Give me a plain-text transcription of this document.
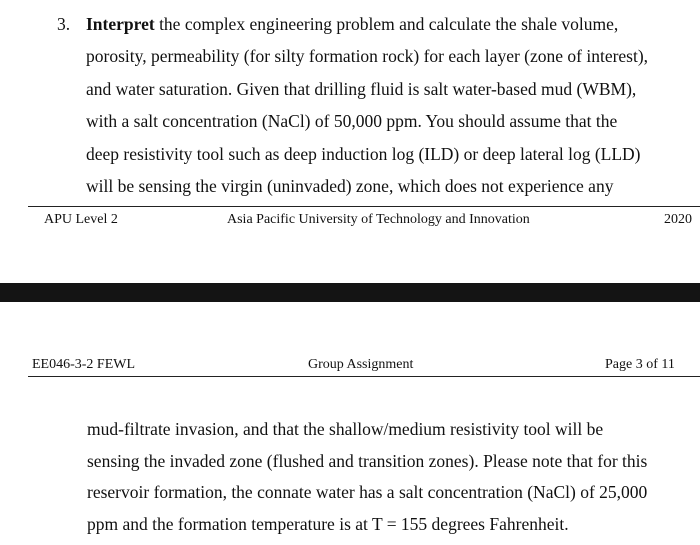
3. Interpret the complex engineering problem and calculate the shale volume,
porosity, permeability (for silty formation rock) for each layer (zone of interest),
and water saturation. Given that drilling fluid is salt water-based mud (WBM),
with a salt concentration (NaCl) of 50,000 ppm. You should assume that the
deep resistivity tool such as deep induction log (ILD) or deep lateral log (LLD)
will be sensing the virgin (uninvaded) zone, which does not experience any
APU Level 2	Asia Pacific University of Technology and Innovation	2020
EE046-3-2 FEWL	Group Assignment	Page 3 of 11
mud-filtrate invasion, and that the shallow/medium resistivity tool will be
sensing the invaded zone (flushed and transition zones). Please note that for this
reservoir formation, the connate water has a salt concentration (NaCl) of 25,000
ppm and the formation temperature is at T = 155 degrees Fahrenheit.
